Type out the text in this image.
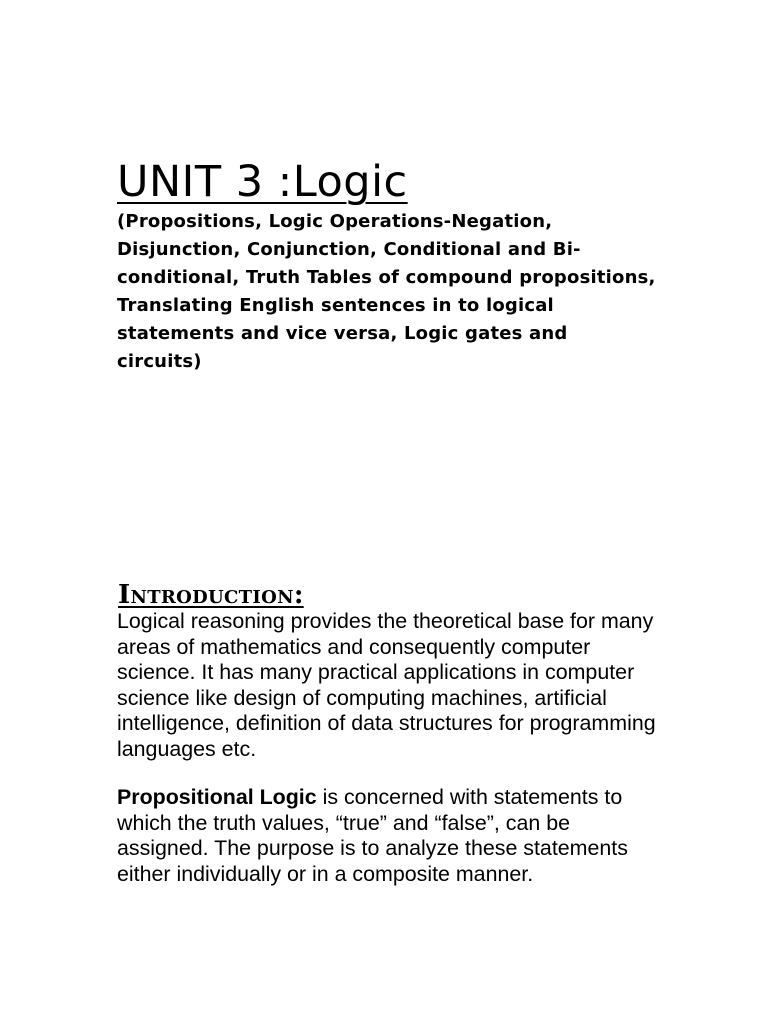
UNIT 3 :Logic

(Propositions, Logic Operations-Negation, Disjunction, Conjunction, Conditional and Bi-conditional, Truth Tables of compound propositions, Translating English sentences in to logical statements and vice versa, Logic gates and circuits)

Introduction:

Logical reasoning provides the theoretical base for many areas of mathematics and consequently computer science. It has many practical applications in computer science like design of computing machines, artificial intelligence, definition of data structures for programming languages etc.

Propositional Logic is concerned with statements to which the truth values, “true” and “false”, can be assigned. The purpose is to analyze these statements either individually or in a composite manner.
